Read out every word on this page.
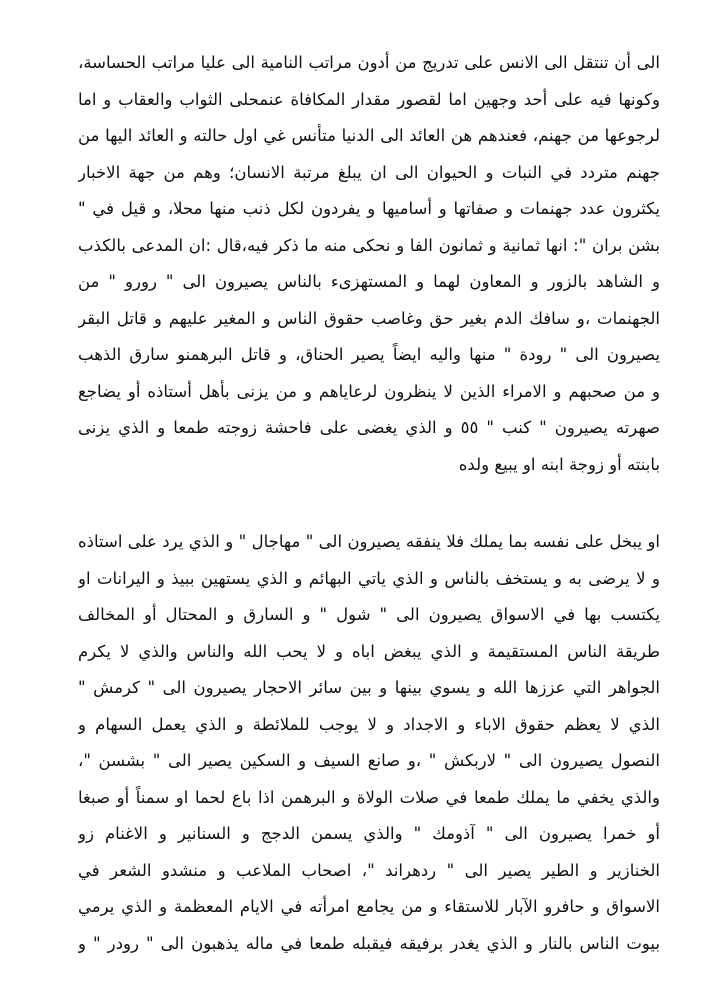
الى أن تنتقل الى الانس على تدريج من أدون مراتب النامية الى عليا مراتب الحساسة،
وكونها فيه على أحد وجهين اما لقصور مقدار المكافاة عنمحلى الثواب والعقاب و اما
لرجوعها من جهنم، فعندهم هن العائد الى الدنيا متأنس غي اول حالته و العائد اليها من
جهنم متردد في النبات و الحيوان الى ان يبلغ مرتبة الانسان؛ وهم من جهة الاخبار
يكثرون عدد جهنمات و صفاتها و أساميها و يفردون لكل ذنب منها محلا، و قيل في "
بشن بران ": انها ثمانية و ثمانون الفا و نحكى منه ما ذكر فيه،قال :ان المدعى بالكذب
و الشاهد بالزور و المعاون لهما و المستهزىء بالناس يصيرون الى " رورو " من
الجهنمات ،و سافك الدم بغير حق وغاصب حقوق الناس و المغير عليهم و قاتل البقر
يصيرون الى " رودة " منها واليه ايضاً يصير الحناق، و قاتل البرهمنو سارق الذهب
و من صحبهم و الامراء الذين لا ينظرون لرعاياهم و من يزنى بأهل أستاذه أو يضاجع
صهرته يصيرون " كنب " ٥٥ و الذي يغضى على فاحشة زوجته طمعا و الذي يزنى
بابنته أو زوجة ابنه او يبيع ولده
او يبخل على نفسه بما يملك فلا ينفقه يصيرون الى " مهاجال " و الذي يرد على استاذه
و لا يرضى به و يستخف بالناس و الذي ياتي البهائم و الذي يستهين ببيذ و اليرانات او
يكتسب بها في الاسواق يصيرون الى " شول " و السارق و المحتال أو المخالف
طريقة الناس المستقيمة و الذي يبغض اباه و لا يحب الله والناس والذي لا يكرم
الجواهر التي عززها الله و يسوي بينها و بين سائر الاحجار يصيرون الى " كرمش "
الذي لا يعظم حقوق الاباء و الاجداد و لا يوجب للملائطة و الذي يعمل السهام و
النصول يصيرون الى " لاربكش " ،و صانع السيف و السكين يصير الى " بشسن "،
والذي يخفي ما يملك طمعا في صلات الولاة و البرهمن اذا باع لحما او سمناً أو صبغا
أو خمرا يصيرون الى " آذومك " والذي يسمن الدجج و السنانير و الاغنام زو
الخنازير و الطير يصير الى " ردهراند "، اصحاب الملاعب و منشدو الشعر في
الاسواق و حافرو الآبار للاستقاء و من يجامع امرأته في الايام المعظمة و الذي يرمي
بيوت الناس بالنار و الذي يغدر برفيقه فيقبله طمعا في ماله يذهبون الى " رودر " و
